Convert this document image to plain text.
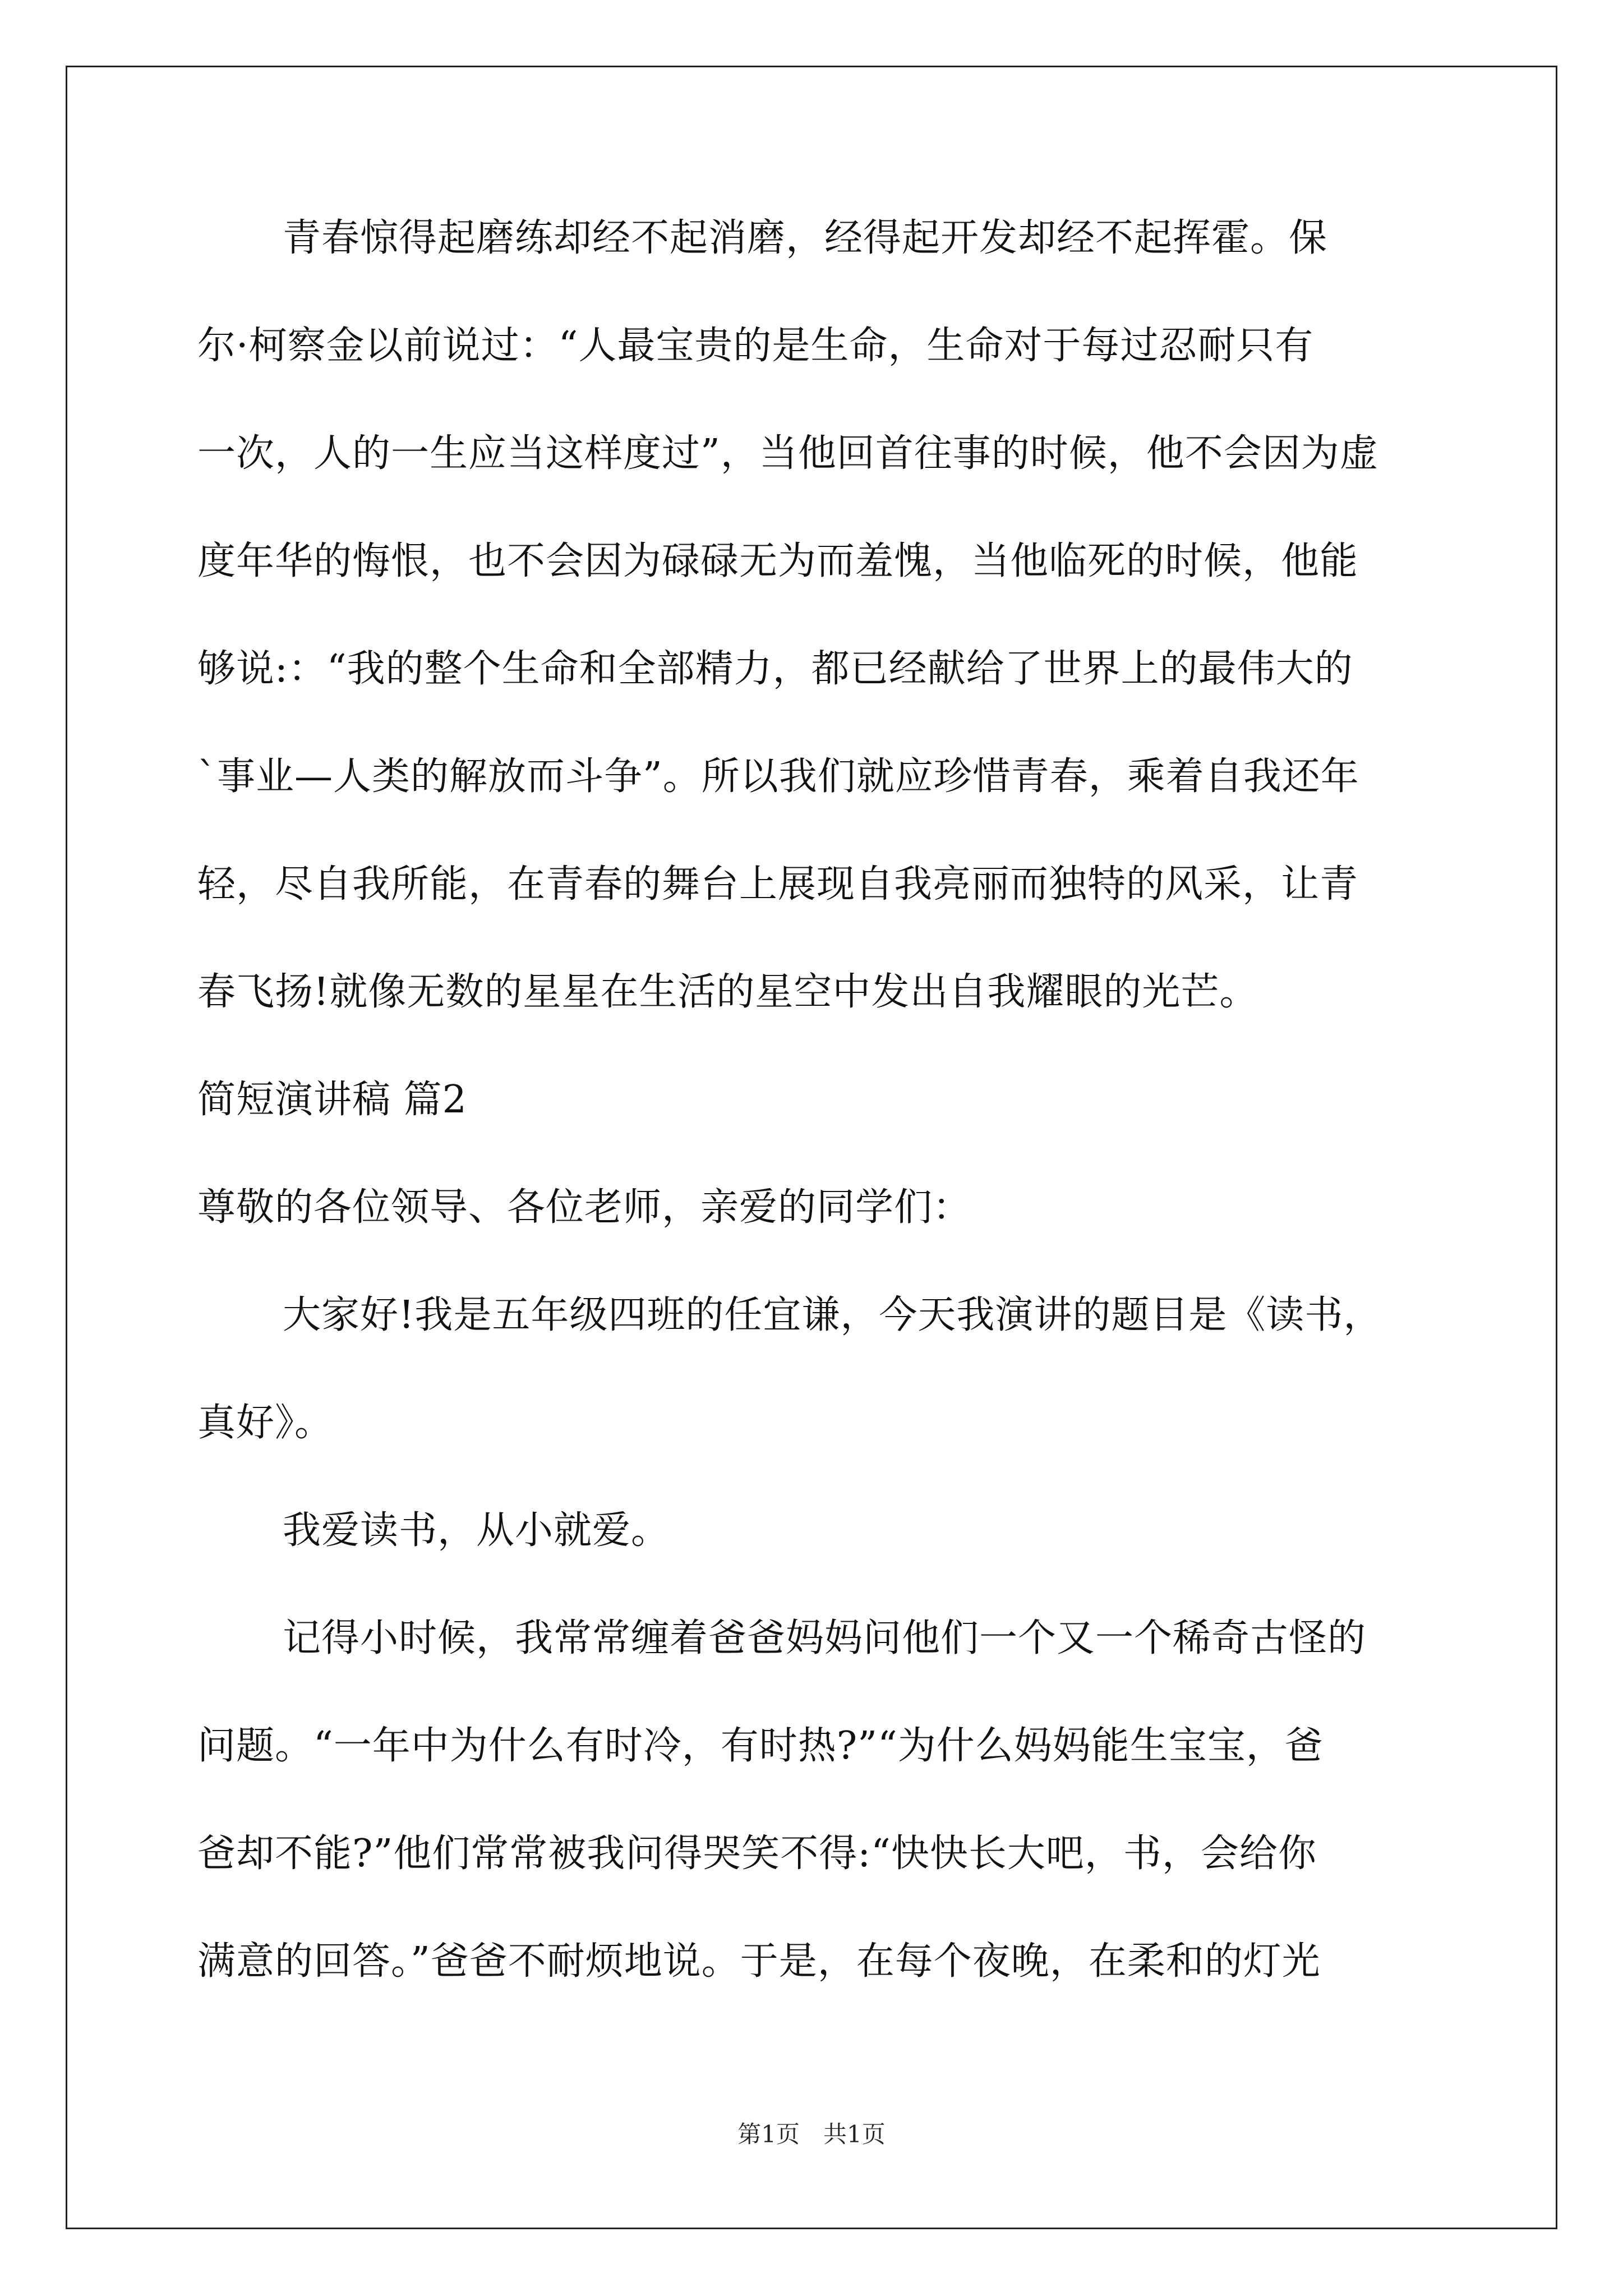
青春惊得起磨练却经不起消磨，经得起开发却经不起挥霍。保
尔·柯察金以前说过：“人最宝贵的是生命，生命对于每过忍耐只有
一次，人的一生应当这样度过”，当他回首往事的时候，他不会因为虚
度年华的悔恨，也不会因为碌碌无为而羞愧，当他临死的时候，他能
够说:：“我的整个生命和全部精力，都已经献给了世界上的最伟大的
`事业—人类的解放而斗争”。所以我们就应珍惜青春，乘着自我还年
轻，尽自我所能，在青春的舞台上展现自我亮丽而独特的风采，让青
春飞扬!就像无数的星星在生活的星空中发出自我耀眼的光芒。
简短演讲稿 篇2
尊敬的各位领导、各位老师，亲爱的同学们：
大家好!我是五年级四班的任宜谦，今天我演讲的题目是《读书，
真好》。
我爱读书，从小就爱。
记得小时候，我常常缠着爸爸妈妈问他们一个又一个稀奇古怪的
问题。“一年中为什么有时冷，有时热?”“为什么妈妈能生宝宝，爸
爸却不能?”他们常常被我问得哭笑不得:“快快长大吧，书，会给你
满意的回答。”爸爸不耐烦地说。于是，在每个夜晚，在柔和的灯光
第1页　共1页
